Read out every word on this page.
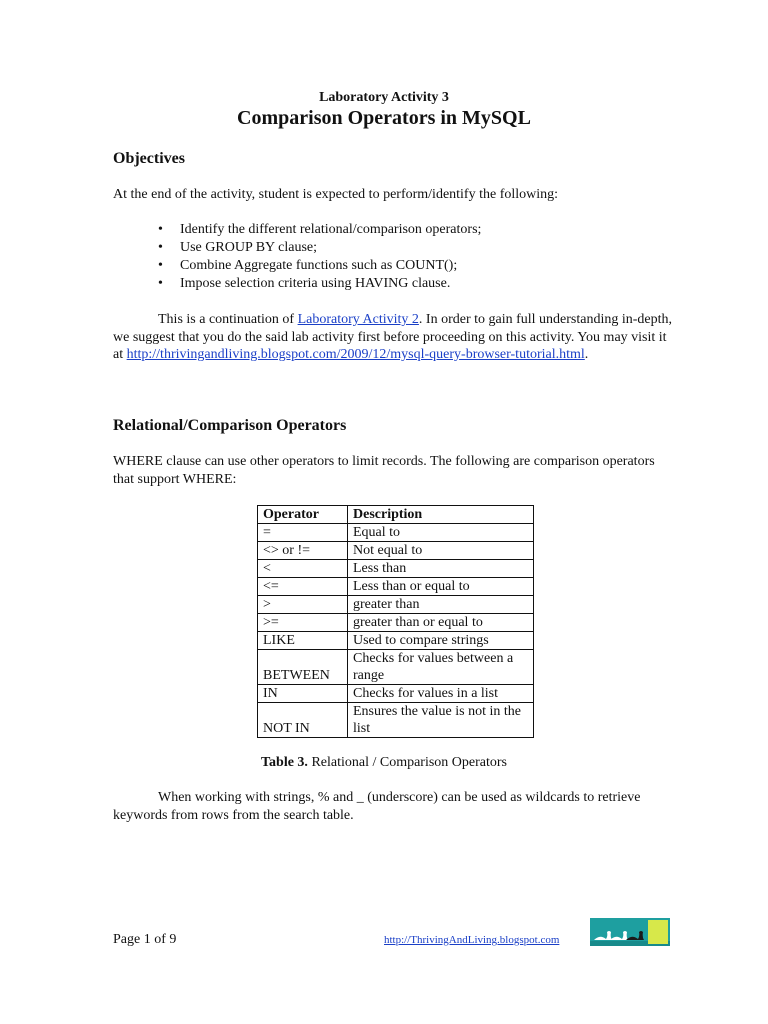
Laboratory Activity 3
Comparison Operators in MySQL
Objectives
At the end of the activity, student is expected to perform/identify the following:
• Identify the different relational/comparison operators;
• Use GROUP BY clause;
• Combine Aggregate functions such as COUNT();
• Impose selection criteria using HAVING clause.
This is a continuation of Laboratory Activity 2. In order to gain full understanding in-depth, we suggest that you do the said lab activity first before proceeding on this activity. You may visit it at http://thrivingandliving.blogspot.com/2009/12/mysql-query-browser-tutorial.html.
Relational/Comparison Operators
WHERE clause can use other operators to limit records. The following are comparison operators that support WHERE:
Operator	Description
=	Equal to
<> or !=	Not equal to
<	Less than
<=	Less than or equal to
>	greater than
>=	greater than or equal to
LIKE	Used to compare strings
BETWEEN	Checks for values between a range
IN	Checks for values in a list
NOT IN	Ensures the value is not in the list
Table 3. Relational / Comparison Operators
When working with strings, % and _ (underscore) can be used as wildcards to retrieve keywords from rows from the search table.
Page 1 of 9	http://ThrivingAndLiving.blogspot.com
